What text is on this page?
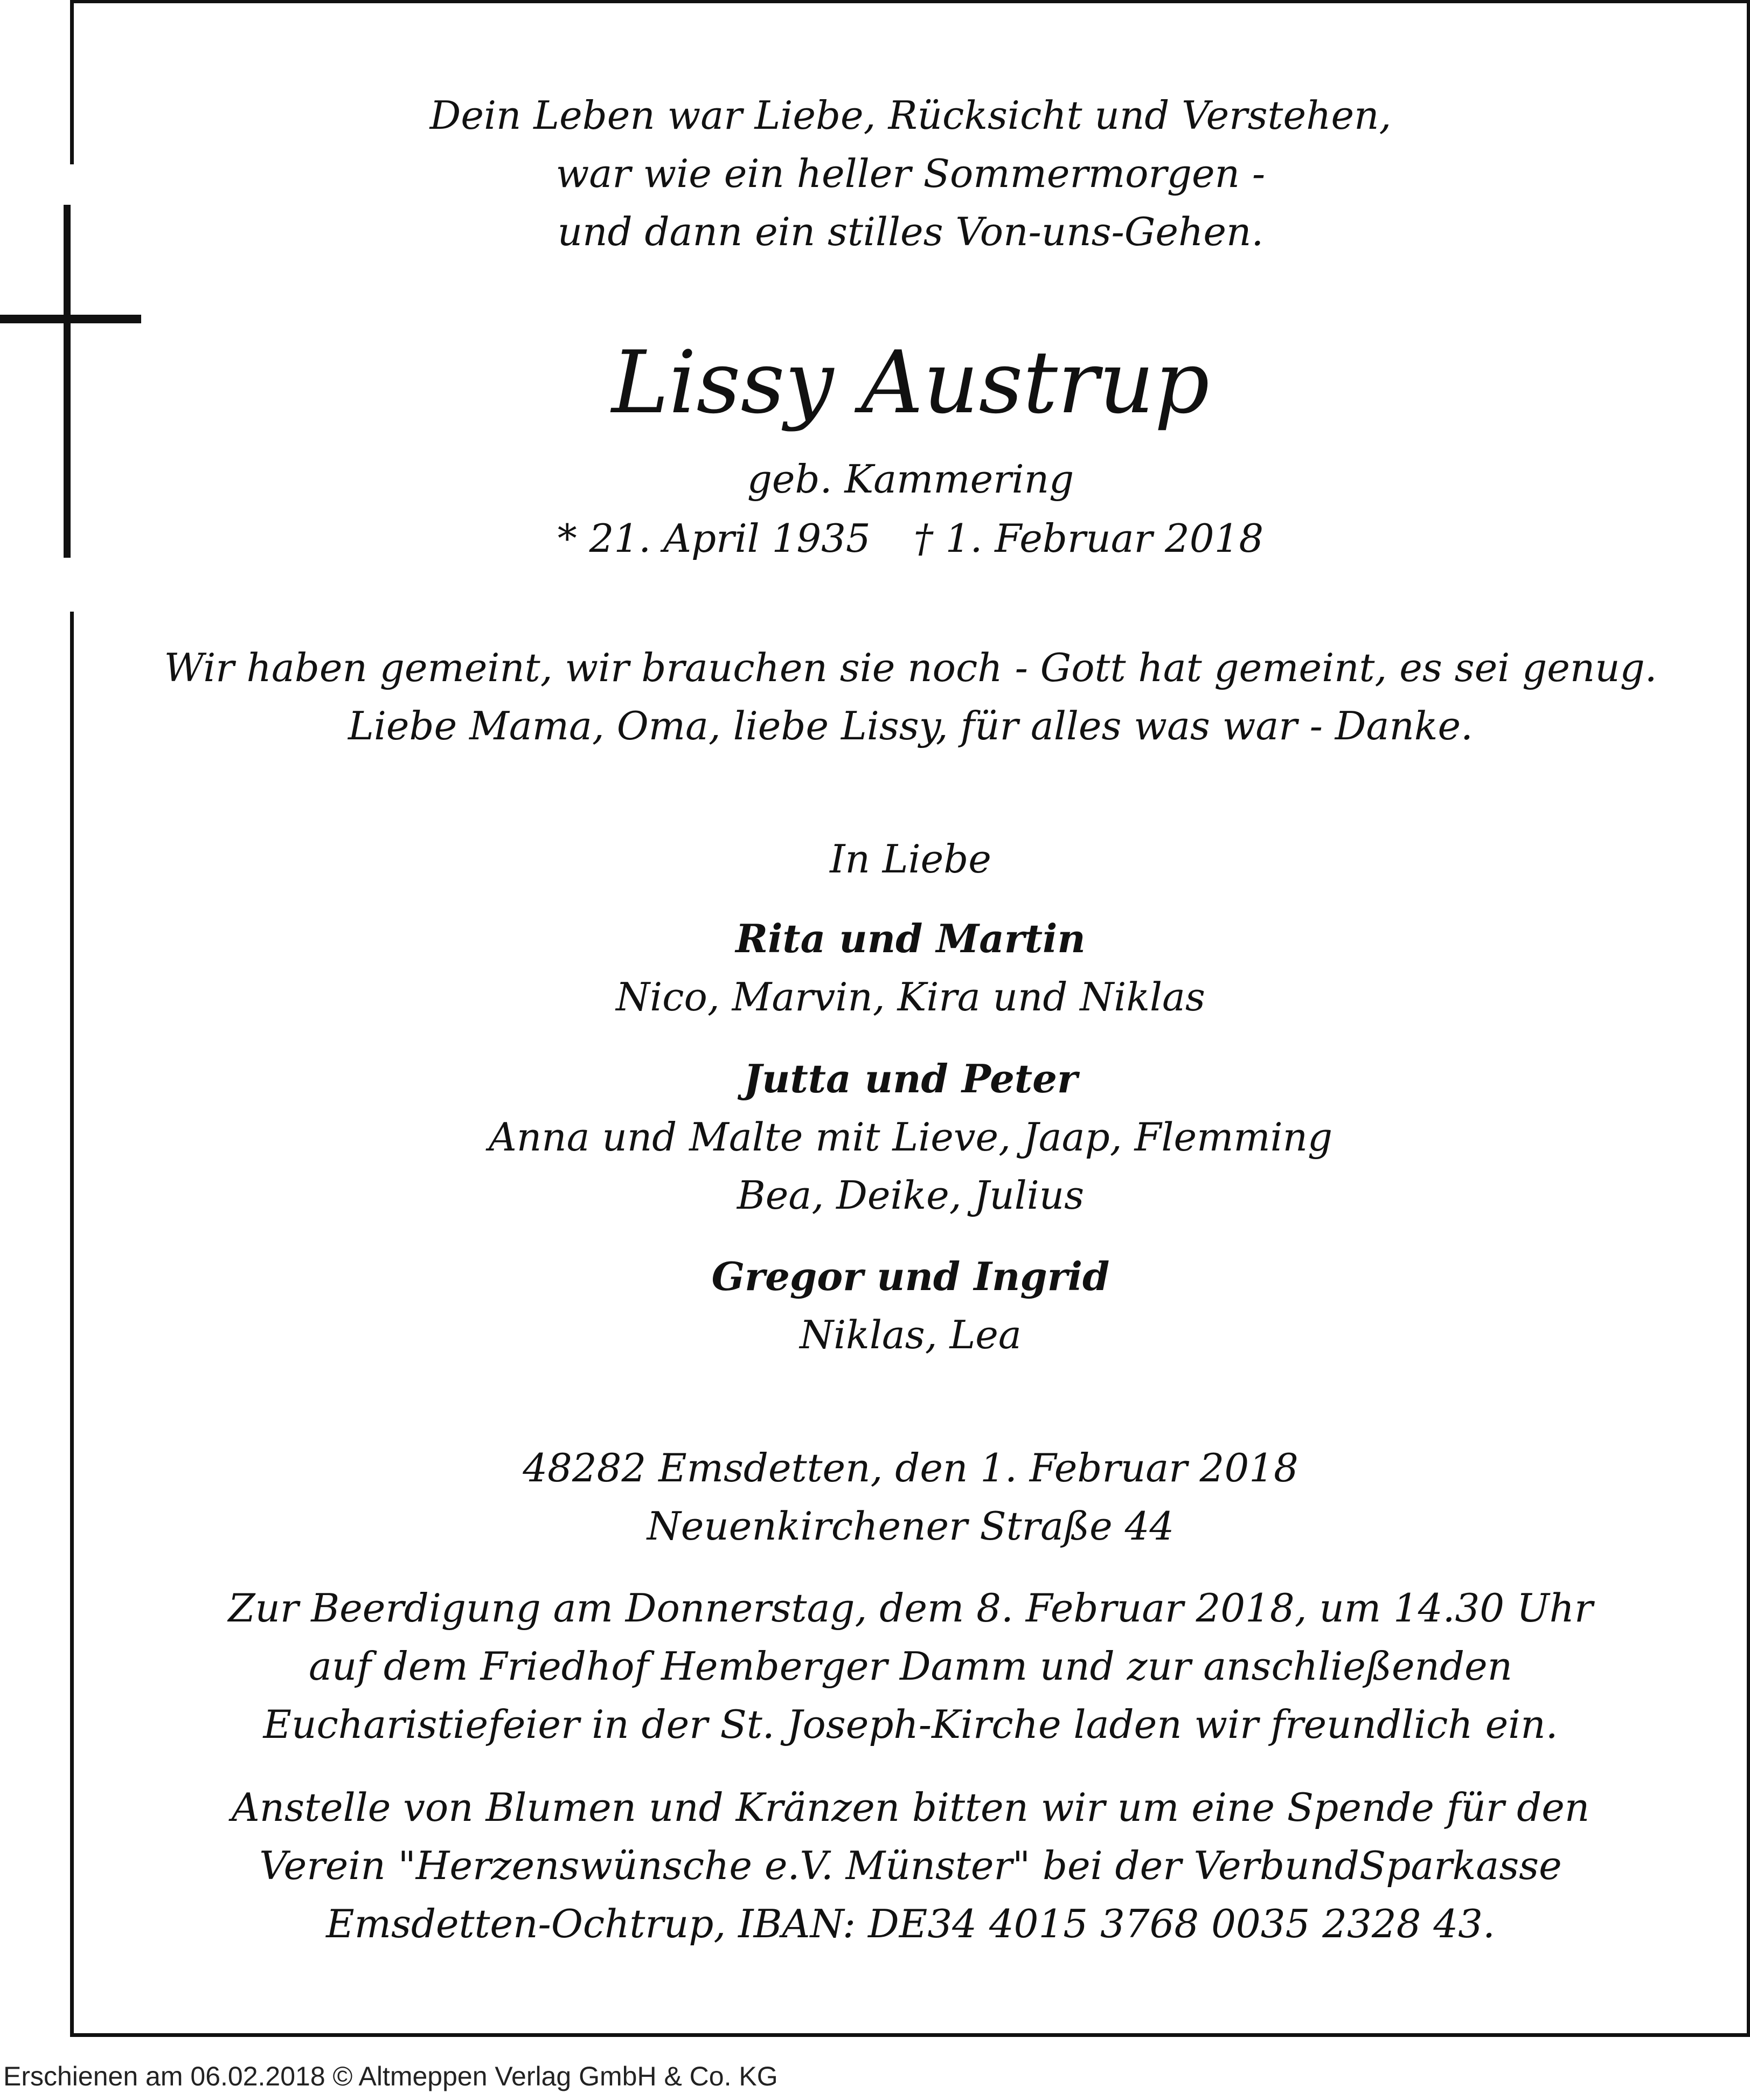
Dein Leben war Liebe, Rücksicht und Verstehen,
war wie ein heller Sommermorgen -
und dann ein stilles Von-uns-Gehen.
Lissy Austrup
geb. Kammering
* 21. April 1935 † 1. Februar 2018
Wir haben gemeint, wir brauchen sie noch - Gott hat gemeint, es sei genug.
Liebe Mama, Oma, liebe Lissy, für alles was war - Danke.
In Liebe
Rita und Martin
Nico, Marvin, Kira und Niklas
Jutta und Peter
Anna und Malte mit Lieve, Jaap, Flemming
Bea, Deike, Julius
Gregor und Ingrid
Niklas, Lea
48282 Emsdetten, den 1. Februar 2018
Neuenkirchener Straße 44
Zur Beerdigung am Donnerstag, dem 8. Februar 2018, um 14.30 Uhr
auf dem Friedhof Hemberger Damm und zur anschließenden
Eucharistiefeier in der St. Joseph-Kirche laden wir freundlich ein.
Anstelle von Blumen und Kränzen bitten wir um eine Spende für den
Verein "Herzenswünsche e.V. Münster" bei der VerbundSparkasse
Emsdetten-Ochtrup, IBAN: DE34 4015 3768 0035 2328 43.
Erschienen am 06.02.2018 © Altmeppen Verlag GmbH & Co. KG
